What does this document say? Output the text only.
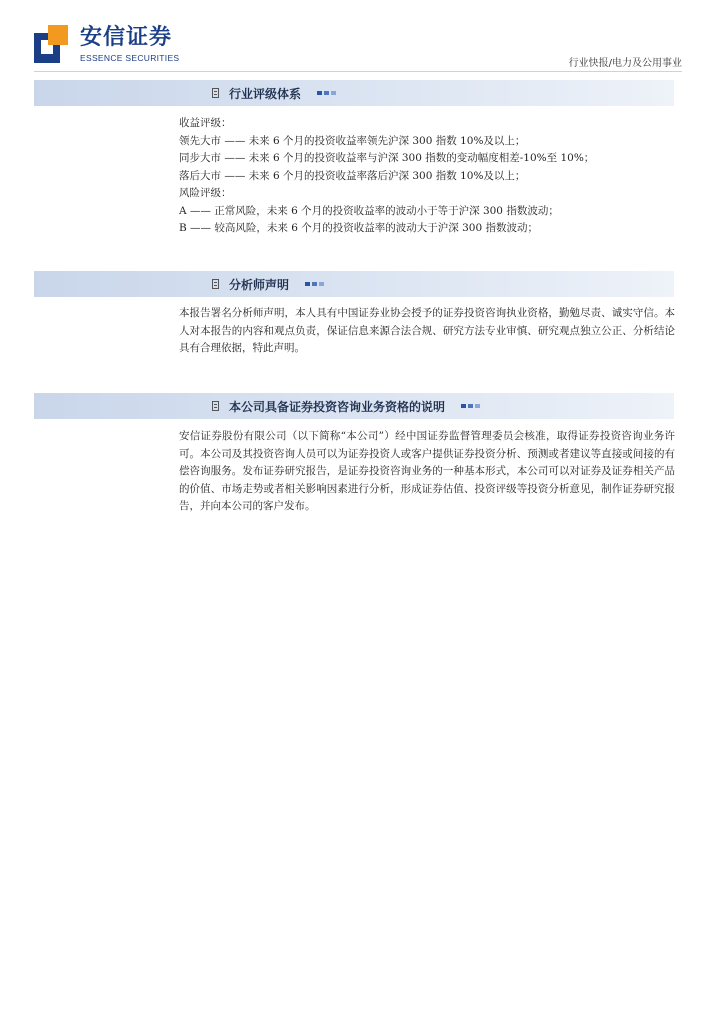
安信证券
ESSENCE SECURITIES	行业快报/电力及公用事业
行业评级体系
收益评级：
领先大市 —— 未来 6 个月的投资收益率领先沪深 300 指数 10%及以上；
同步大市 —— 未来 6 个月的投资收益率与沪深 300 指数的变动幅度相差-10%至 10%；
落后大市 —— 未来 6 个月的投资收益率落后沪深 300 指数 10%及以上；
风险评级：
A —— 正常风险，未来 6 个月的投资收益率的波动小于等于沪深 300 指数波动；
B —— 较高风险，未来 6 个月的投资收益率的波动大于沪深 300 指数波动；
分析师声明
本报告署名分析师声明，本人具有中国证券业协会授予的证券投资咨询执业资格，勤勉尽责、诚实守信。本人对本报告的内容和观点负责，保证信息来源合法合规、研究方法专业审慎、研究观点独立公正、分析结论具有合理依据，特此声明。
本公司具备证券投资咨询业务资格的说明
安信证券股份有限公司（以下简称“本公司”）经中国证券监督管理委员会核准，取得证券投资咨询业务许可。本公司及其投资咨询人员可以为证券投资人或客户提供证券投资分析、预测或者建议等直接或间接的有偿咨询服务。发布证券研究报告，是证券投资咨询业务的一种基本形式，本公司可以对证券及证券相关产品的价值、市场走势或者相关影响因素进行分析，形成证券估值、投资评级等投资分析意见，制作证券研究报告，并向本公司的客户发布。
